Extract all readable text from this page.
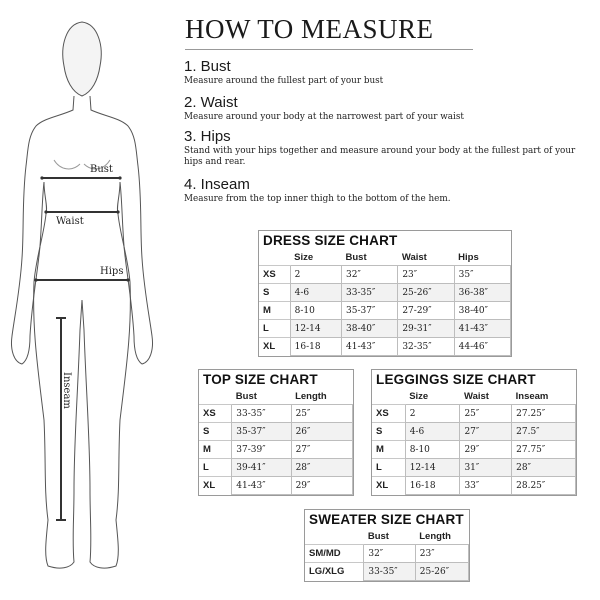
Bust
Waist
Hips
Inseam
HOW TO MEASURE
1. Bust
Measure around the fullest part of your bust
2. Waist
Measure around your body at the narrowest part of your waist
3. Hips
Stand with your hips together and measure around your body at the fullest part of your hips and rear.
4. Inseam
Measure from the top inner thigh to the bottom of the hem.
DRESS SIZE CHART
	Size	Bust	Waist	Hips
XS	2	32″	23″	35″
S	4-6	33-35″	25-26″	36-38″
M	8-10	35-37″	27-29″	38-40″
L	12-14	38-40″	29-31″	41-43″
XL	16-18	41-43″	32-35″	44-46″
TOP SIZE CHART
	Bust	Length
XS	33-35″	25″
S	35-37″	26″
M	37-39″	27″
L	39-41″	28″
XL	41-43″	29″
LEGGINGS SIZE CHART
	Size	Waist	Inseam
XS	2	25″	27.25″
S	4-6	27″	27.5″
M	8-10	29″	27.75″
L	12-14	31″	28″
XL	16-18	33″	28.25″
SWEATER SIZE CHART
	Bust	Length
SM/MD	32″	23″
LG/XLG	33-35″	25-26″
